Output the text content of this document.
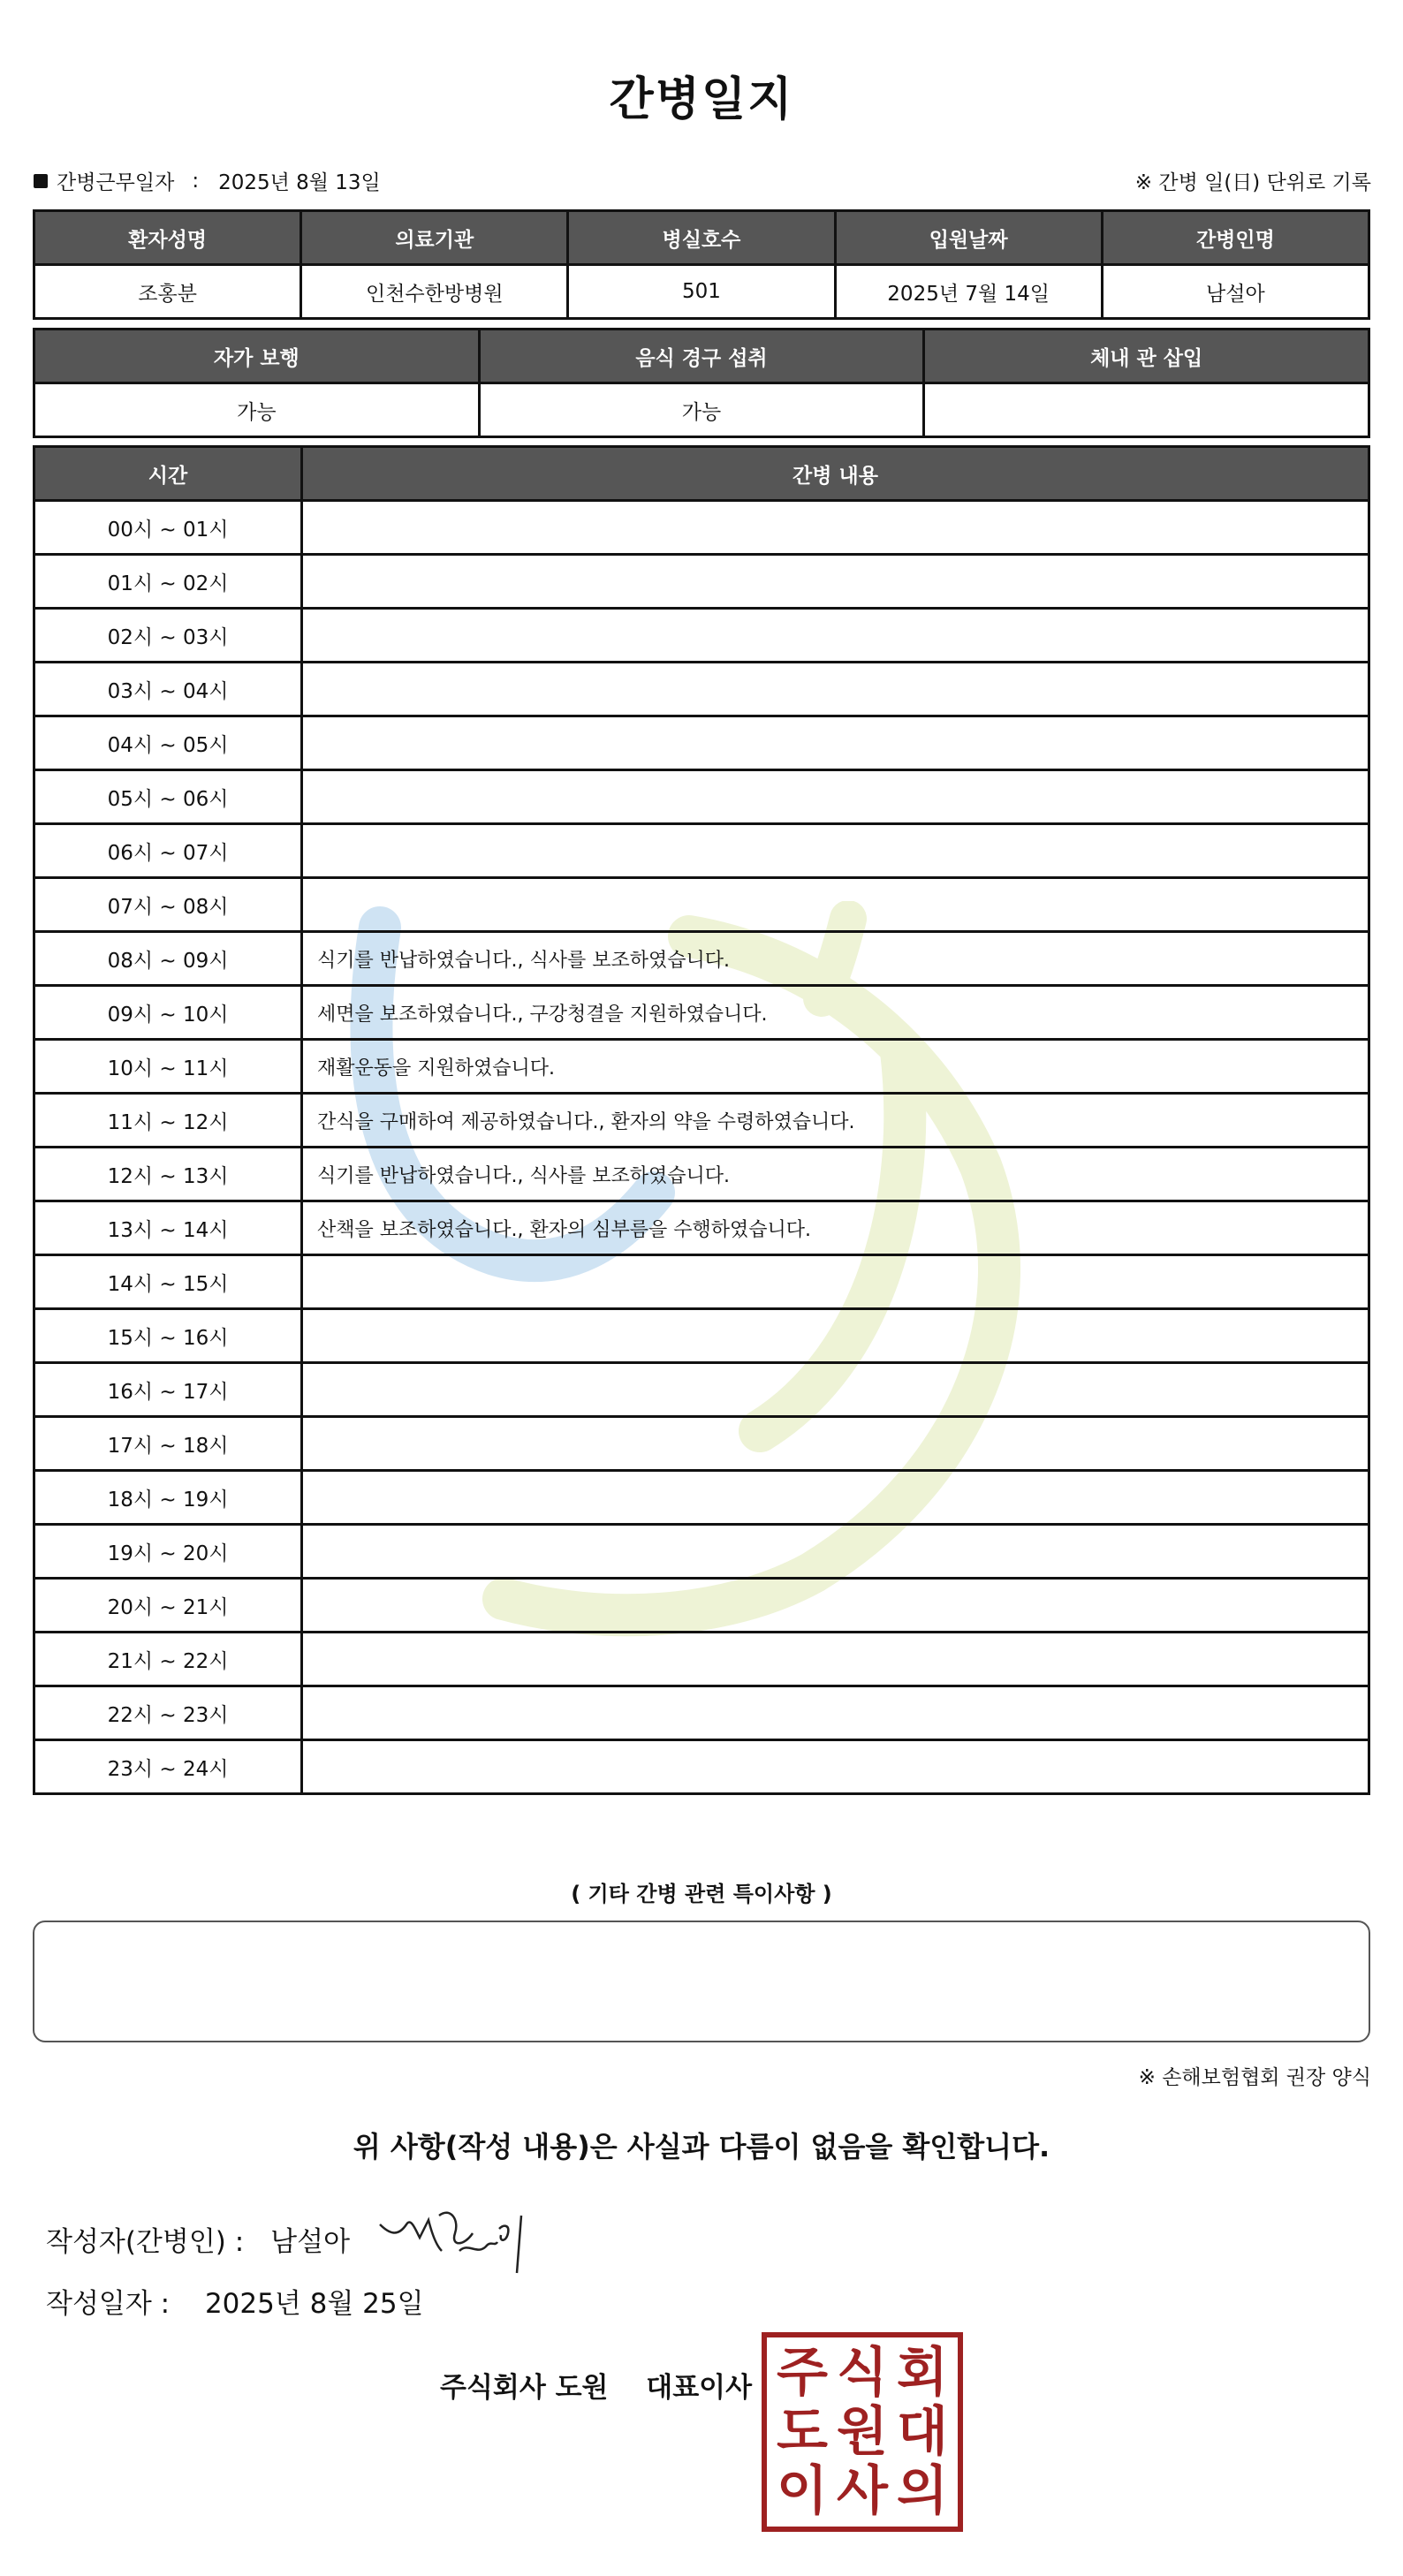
간병일지
간병근무일자 : 2025년 8월 13일	※ 간병 일(日) 단위로 기록
환자성명	의료기관	병실호수	입원날짜	간병인명
조홍분	인천수한방병원	501	2025년 7월 14일	남설아
자가 보행	음식 경구 섭취	체내 관 삽입
가능	가능	
시간	간병 내용
00시 ~ 01시	
01시 ~ 02시	
02시 ~ 03시	
03시 ~ 04시	
04시 ~ 05시	
05시 ~ 06시	
06시 ~ 07시	
07시 ~ 08시	
08시 ~ 09시	식기를 반납하였습니다., 식사를 보조하였습니다.
09시 ~ 10시	세면을 보조하였습니다., 구강청결을 지원하였습니다.
10시 ~ 11시	재활운동을 지원하였습니다.
11시 ~ 12시	간식을 구매하여 제공하였습니다., 환자의 약을 수령하였습니다.
12시 ~ 13시	식기를 반납하였습니다., 식사를 보조하였습니다.
13시 ~ 14시	산책을 보조하였습니다., 환자의 심부름을 수행하였습니다.
14시 ~ 15시	
15시 ~ 16시	
16시 ~ 17시	
17시 ~ 18시	
18시 ~ 19시	
19시 ~ 20시	
20시 ~ 21시	
21시 ~ 22시	
22시 ~ 23시	
23시 ~ 24시	
( 기타 간병 관련 특이사항 )
※ 손해보험협회 권장 양식
위 사항(작성 내용)은 사실과 다름이 없음을 확인합니다.
작성자(간병인) : 남설아
작성일자 : 2025년 8월 25일
주식회사 도원 대표이사 주 식 회
도 원 대
이 사 의
